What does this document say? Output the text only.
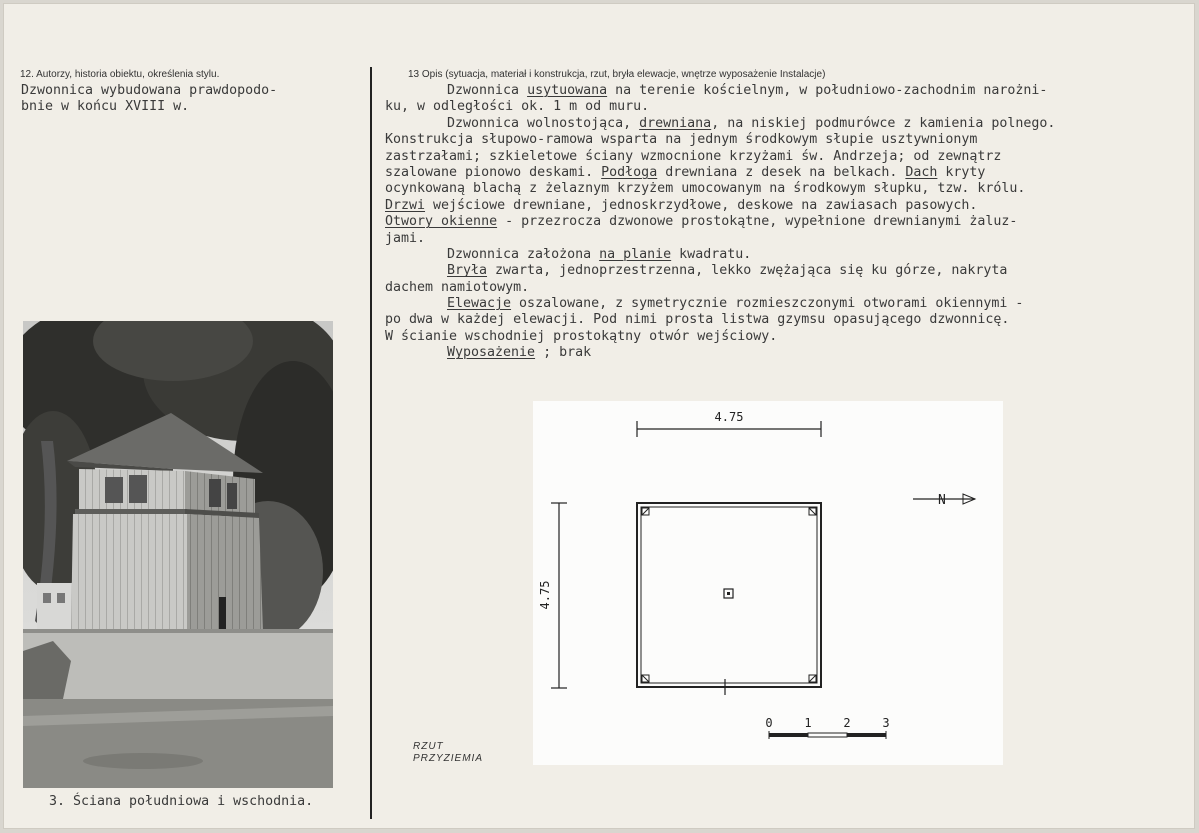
12. Autorzy, historia obiektu, określenia stylu.
Dzwonnica wybudowana prawdopodo-
bnie w końcu XVIII w.
13 Opis (sytuacja, materiał i konstrukcja, rzut, bryła elewacje, wnętrze wyposażenie Instalacje)
Dzwonnica usytuowana na terenie kościelnym, w południowo-zachodnim narożni-
ku, w odległości ok. 1 m od muru.
Dzwonnica wolnostojąca, drewniana, na niskiej podmurówce z kamienia polnego.
Konstrukcja słupowo-ramowa wsparta na jednym środkowym słupie usztywnionym
zastrzałami; szkieletowe ściany wzmocnione krzyżami św. Andrzeja; od zewnątrz
szalowane pionowo deskami. Podłoga drewniana z desek na belkach. Dach kryty
ocynkowaną blachą z żelaznym krzyżem umocowanym na środkowym słupku, tzw. królu.
Drzwi wejściowe drewniane, jednoskrzydłowe, deskowe na zawiasach pasowych.
Otwory okienne - przezrocza dzwonowe prostokątne, wypełnione drewnianymi żaluz-
jami.
Dzwonnica założona na planie kwadratu.
Bryła zwarta, jednoprzestrzenna, lekko zwężająca się ku górze, nakryta
dachem namiotowym.
Elewacje oszalowane, z symetrycznie rozmieszczonymi otworami okiennymi -
po dwa w każdej elewacji. Pod nimi prosta listwa gzymsu opasującego dzwonnicę.
W ścianie wschodniej prostokątny otwór wejściowy.
Wyposażenie ; brak
3. Ściana południowa i wschodnia.
4.75
4.75
N
0	1	2	3
RZUT
PRZYZIEMIA
